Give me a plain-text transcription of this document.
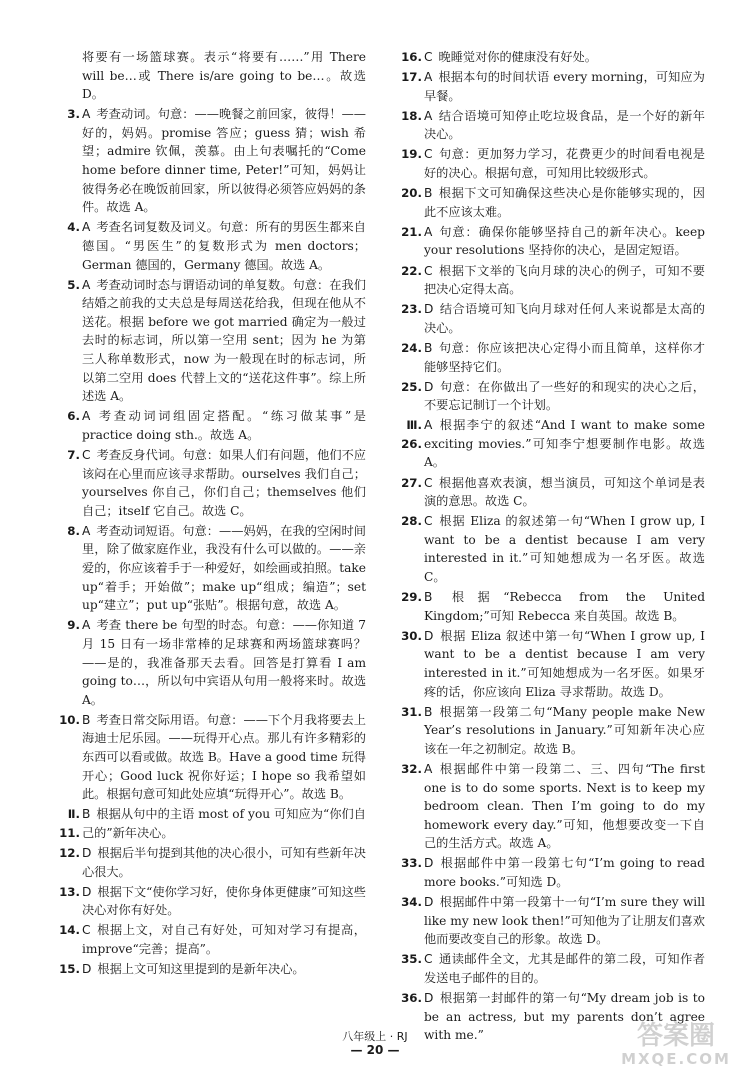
将要有一场篮球赛。表示“将要有……”用 There will be…或 There is/are going to be…。故选 D。
3. A 考查动词。句意：——晚餐之前回家，彼得！——好的，妈妈。promise 答应；guess 猜；wish 希望；admire 钦佩，羡慕。由上句表嘱托的“Come home before dinner time, Peter!”可知，妈妈让彼得务必在晚饭前回家，所以彼得必须答应妈妈的条件。故选 A。
4. A 考查名词复数及词义。句意：所有的男医生都来自德国。“男医生”的复数形式为 men doctors；German 德国的，Germany 德国。故选 A。
5. A 考查动词时态与谓语动词的单复数。句意：在我们结婚之前我的丈夫总是每周送花给我，但现在他从不送花。根据 before we got married 确定为一般过去时的标志词，所以第一空用 sent；因为 he 为第三人称单数形式，now 为一般现在时的标志词，所以第二空用 does 代替上文的“送花这件事”。综上所述选 A。
6. A 考查动词词组固定搭配。“练习做某事”是 practice doing sth.。故选 A。
7. C 考查反身代词。句意：如果人们有问题，他们不应该闷在心里而应该寻求帮助。ourselves 我们自己；yourselves 你自己，你们自己；themselves 他们自己；itself 它自己。故选 C。
8. A 考查动词短语。句意：——妈妈，在我的空闲时间里，除了做家庭作业，我没有什么可以做的。——亲爱的，你应该着手于一种爱好，如绘画或拍照。take up“着手；开始做”；make up“组成；编造”；set up“建立”；put up“张贴”。根据句意，故选 A。
9. A 考查 there be 句型的时态。句意：——你知道 7 月 15 日有一场非常棒的足球赛和两场篮球赛吗？——是的，我准备那天去看。回答是打算看 I am going to…，所以句中宾语从句用一般将来时。故选 A。
10. B 考查日常交际用语。句意：——下个月我将要去上海迪士尼乐园。——玩得开心点。那儿有许多精彩的东西可以看或做。故选 B。Have a good time 玩得开心；Good luck 祝你好运；I hope so 我希望如此。根据句意可知此处应填“玩得开心”。故选 B。
Ⅱ. 11.
B 根据从句中的主语 most of you 可知应为“你们自己的”新年决心。
12. D 根据后半句提到其他的决心很小，可知有些新年决心很大。
13. D 根据下文“使你学习好，使你身体更健康”可知这些决心对你有好处。
14. C 根据上文，对自己有好处，可知对学习有提高，improve“完善；提高”。
15. D 根据上文可知这里提到的是新年决心。
16. C 晚睡觉对你的健康没有好处。
17. A 根据本句的时间状语 every morning，可知应为早餐。
18. A 结合语境可知停止吃垃圾食品，是一个好的新年决心。
19. C 句意：更加努力学习，花费更少的时间看电视是好的决心。根据句意，可知用比较级形式。
20. B 根据下文可知确保这些决心是你能够实现的，因此不应该太难。
21. A 句意：确保你能够坚持自己的新年决心。keep your resolutions 坚持你的决心，是固定短语。
22. C 根据下文举的飞向月球的决心的例子，可知不要把决心定得太高。
23. D 结合语境可知飞向月球对任何人来说都是太高的决心。
24. B 句意：你应该把决心定得小而且简单，这样你才能够坚持它们。
25. D 句意：在你做出了一些好的和现实的决心之后，不要忘记制订一个计划。
Ⅲ. 26.
A 根据李宁的叙述“And I want to make some exciting movies.”可知李宁想要制作电影。故选 A。
27. C 根据他喜欢表演，想当演员，可知这个单词是表演的意思。故选 C。
28. C 根据 Eliza 的叙述第一句“When I grow up, I want to be a dentist because I am very interested in it.”可知她想成为一名牙医。故选 C。
29. B 根据“Rebecca from the United Kingdom;”可知 Rebecca 来自英国。故选 B。
30. D 根据 Eliza 叙述中第一句“When I grow up, I want to be a dentist because I am very interested in it.”可知她想成为一名牙医。如果牙疼的话，你应该向 Eliza 寻求帮助。故选 D。
31. B 根据第一段第二句“Many people make New Year’s resolutions in January.”可知新年决心应该在一年之初制定。故选 B。
32. A 根据邮件中第一段第二、三、四句“The first one is to do some sports. Next is to keep my bedroom clean. Then I’m going to do my homework every day.”可知，他想要改变一下自己的生活方式。故选 A。
33. D 根据邮件中第一段第七句“I’m going to read more books.”可知选 D。
34. D 根据邮件中第一段第十一句“I’m sure they will like my new look then!”可知他为了让朋友们喜欢他而要改变自己的形象。故选 D。
35. C 通读邮件全文，尤其是邮件的第二段，可知作者发送电子邮件的目的。
36. D 根据第一封邮件的第一句“My dream job is to be an actress, but my parents don’t agree with me.”
八年级上 · RJ
— 20 —	答案圈
MXQE.COM
